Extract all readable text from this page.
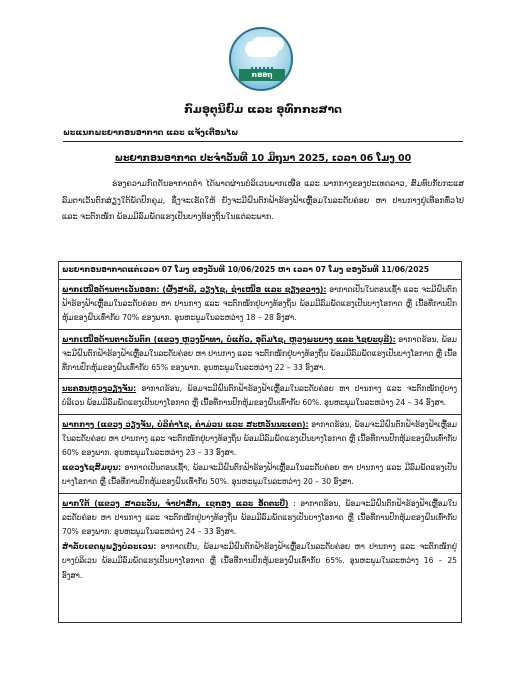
ກອອຖ
ກົມອຸຕຸນິຍົມ ແລະ ອຸທົກກະສາດ
ພະແນກພະຍາກອນອາກາດ ແລະ ແຈ້ງເຕືອນໄພ
ພະຍາກອນອາກາດ ປະຈໍາວັນທີ 10 ມິຖຸນາ 2025, ເວລາ 06 ໂມງ 00
ຮ່ອງຄວາມກົດດັນອາກາດຕໍ່າ ໄດ້ພາດຜ່ານບໍລິເວນພາກເໜືອ ແລະ ພາກກາງຂອງປະເທດລາວ, ສົມທົບກັບກະແສລົມຕາເວັນຕົກສ່ຽງໃຕ້ພັດປົກຄຸມ, ຊຶ່ງຈະເຮັດໃຫ້ ຍັງຈະມີຝົນຕົກຟ້າຮ້ອງຟ້າເຫຼື້ອມໃນລະດັບຄ່ອຍ ຫາ ປານກາງຢູ່ເທືອກທົ່ວໄປ ແລະ ຈະຕົກໜັກ ພ້ອມມີລົມພັດແຮງເປັນບາງທ້ອງຖິ່ນໃນແຕ່ລະພາກ.
ພະຍາກອນອາກາດແຕ່ເວລາ 07 ໂມງ ຂອງວັນທີ 10/06/2025 ຫາ ເວລາ 07 ໂມງ ຂອງວັນທີ 11/06/2025
ພາກເໜືອດ້ານຕາເວັນອອກ: (ຜົ້ງສາລີ, ວຽງໄຊ, ຊຳເໜືອ ແລະ ຊຽງຂວາງ): ອາກາດເປັນໃນຕອນເຊົ້າ ແລະ ຈະມີຝົນຕົກຟ້າຮ້ອງຟ້າເຫຼື້ອມໃນລະດັບຄ່ອຍ ຫາ ປານກາງ ແລະ ຈະຕົກໜັກຢູ່ບາງທ້ອງຖິ່ນ ພ້ອມມີລົມພັດແຮງເປັນບາງໂອກາດ ຫຼື ເນື້ອທີ່ການປົກຫຸ້ມຂອງຝົນເທົ່າກັບ 70% ຂອງພາກ. ອຸນຫະພູມໃນລະຫວ່າງ 18 – 28 ອົງສາ.
ພາກເໜືອດ້ານຕາເວັນຕົກ (ແຂວງ ຫຼວງນໍ້າທາ, ບໍ່ແກ້ວ, ອຸດົມໄຊ, ຫຼວງພະບາງ ແລະ ໄຊຍະບູລີ): ອາກາດຮ້ອນ, ພ້ອມຈະມີຝົນຕົກຟ້າຮ້ອງຟ້າເຫຼື້ອມໃນລະດັບຄ່ອຍ ຫາ ປານກາງ ແລະ ຈະຕົກໜັກຢູ່ບາງທ້ອງຖິ່ນ ພ້ອມມີລົມພັດແຮງເປັນບາງໂອກາດ ຫຼື ເນື້ອທີ່ການປົກຫຸ້ມຂອງຝົນເທົ່າກັບ 65% ຂອງພາກ. ອຸນຫະພູມໃນລະຫວ່າງ 22 – 33 ອົງສາ.
ນະຄອນຫຼວງວຽງຈັນ: ອາກາດຮ້ອນ, ພ້ອມຈະມີຝົນຕົກຟ້າຮ້ອງຟ້າເຫຼື້ອມໃນລະດັບຄ່ອຍ ຫາ ປານກາງ ແລະ ຈະຕົກໜັກຢູ່ບາງບໍລິເວນ ພ້ອມມີລົມພັດແຮງເປັນບາງໂອກາດ ຫຼື ເນື້ອທີ່ການປົກຫຸ້ມຂອງຝົນເທົ່າກັບ 60%. ອຸນຫະພູມໃນລະຫວ່າງ 24 – 34 ອົງສາ.
ພາກກາງ (ແຂວງ ວຽງຈັນ, ບໍລິຄໍາໄຊ, ຄໍາມ່ວນ ແລະ ສະຫວັນນະເຂດ): ອາກາດຮ້ອນ, ພ້ອມຈະມີຝົນຕົກຟ້າຮ້ອງຟ້າເຫຼື້ອມໃນລະດັບຄ່ອຍ ຫາ ປານກາງ ແລະ ຈະຕົກໜັກຢູ່ບາງທ້ອງຖິ່ນ ພ້ອມມີລົມພັດແຮງເປັນບາງໂອກາດ ຫຼື ເນື້ອທີ່ການປົກຫຸ້ມຂອງຝົນເທົ່າກັບ 60% ຂອງພາກ. ອຸນຫະພູມໃນລະຫວ່າງ 23 – 33 ອົງສາ.
ແຂວງໄຊສົມບູນ: ອາກາດເປັນຕອນເຊົ້າ, ພ້ອມຈະມີຝົນຕົກຟ້າຮ້ອງຟ້າເຫຼື້ອມໃນລະດັບຄ່ອຍ ຫາ ປານກາງ ແລະ ມີລົມພັດແຮງເປັນບາງໂອກາດ ຫຼື ເນື້ອທີ່ການປົກຫຸ້ມຂອງຝົນເທົ່າກັບ 50%. ອຸນຫະພູມໃນລະຫວ່າງ 20 – 30 ອົງສາ.
ພາກໃຕ້ (ແຂວງ ສາລະວັນ, ຈໍາປາສັກ, ເຊກອງ ແລະ ອັດຕະປື) : ອາກາດຮ້ອນ, ພ້ອມຈະມີຝົນຕົກຟ້າຮ້ອງຟ້າເຫຼື້ອມໃນລະດັບຄ່ອຍ ຫາ ປານກາງ ແລະ ຈະຕົກໜັກຢູ່ບາງທ້ອງຖິ່ນ ພ້ອມມີລົມພັດແຮງເປັນບາງໂອກາດ ຫຼື ເນື້ອທີ່ການປົກຫຸ້ມຂອງຝົນເທົ່າກັບ 70% ຂອງພາກ. ອຸນຫະພູມໃນລະຫວ່າງ 24 – 33 ອົງສາ.
ສໍາລັບເຂດພູພຽງບໍລະເວນ: ອາກາດເຢັນ, ພ້ອມຈະມີຝົນຕົກຟ້າຮ້ອງຟ້າເຫຼື້ອມໃນລະດັບຄ່ອຍ ຫາ ປານກາງ ແລະ ຈະຕົກໜັກຢູ່ບາງບໍລິເວນ ພ້ອມມີລົມພັດແຮງເປັນບາງໂອກາດ ຫຼື ເນື້ອທີ່ການປົກຫຸ້ມຂອງຝົນເທົ່າກັບ 65%. ອຸນຫະພູມໃນລະຫວ່າງ 16 – 25 ອົງສາ.
